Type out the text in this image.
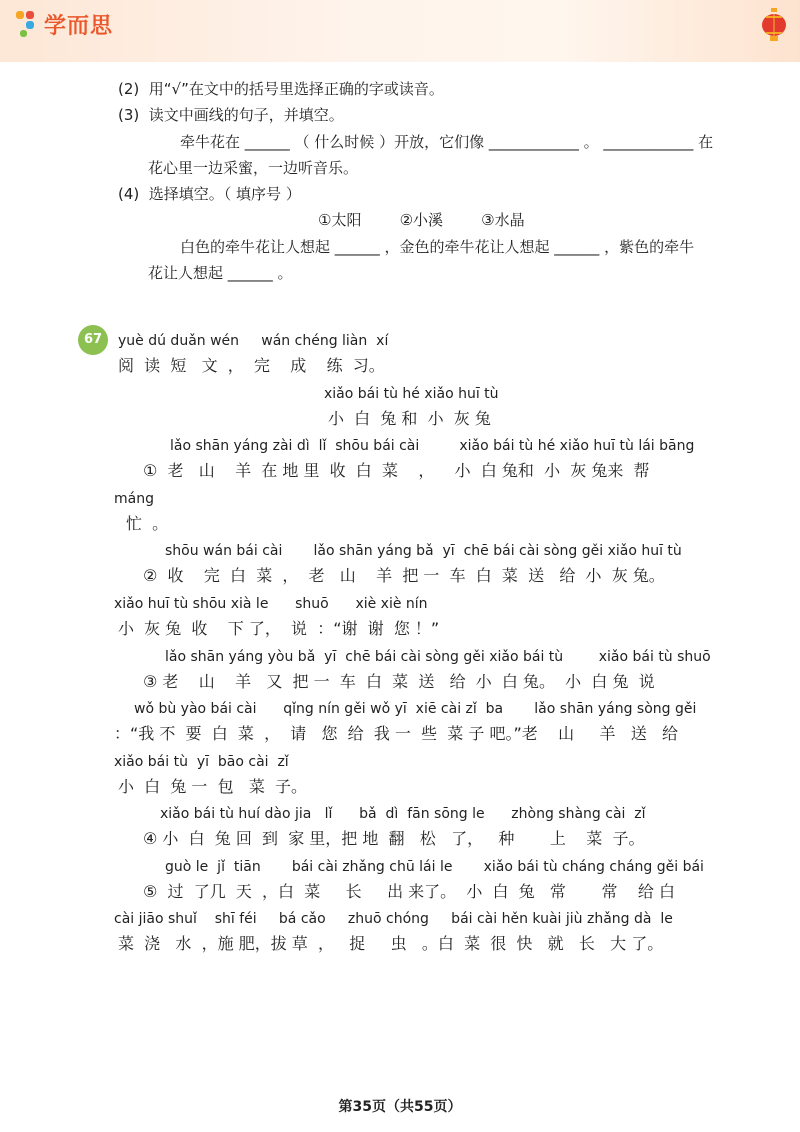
学而思
(2)  用“√”在文中的括号里选择正确的字或读音。
(3)  读文中画线的句子，并填空。
牵牛花在 ______ （ 什么时候 ）开放，它们像 ____________ 。 ____________ 在
花心里一边采蜜，一边听音乐。
(4)  选择填空。（ 填序号 ）
①太阳        ②小溪        ③水晶
白色的牵牛花让人想起 ______ ，金色的牵牛花让人想起 ______ ，紫色的牵牛
花让人想起 ______ 。
67	yuè dú duǎn wén     wán chéng liàn  xí
阅  读  短   文  ，  完    成    练  习。
xiǎo bái tù hé xiǎo huī tù
小  白  兔 和  小  灰 兔
lǎo shān yáng zài dì  lǐ  shōu bái cài         xiǎo bái tù hé xiǎo huī tù lái bāng
①  老   山    羊  在 地 里  收  白  菜    ，    小  白 兔和  小  灰 兔来  帮
máng
忙  。
shōu wán bái cài       lǎo shān yáng bǎ  yī  chē bái cài sòng gěi xiǎo huī tù
②  收    完  白  菜  ，  老   山    羊  把 一  车  白  菜  送   给  小  灰 兔。
xiǎo huī tù shōu xià le      shuō      xiè xiè nín
小  灰 兔  收    下 了，  说  ：“谢  谢  您 ！”
lǎo shān yáng yòu bǎ  yī  chē bái cài sòng gěi xiǎo bái tù        xiǎo bái tù shuō
③ 老    山    羊   又  把 一  车  白  菜  送   给  小  白 兔。  小  白 兔  说
wǒ bù yào bái cài      qǐng nín gěi wǒ yī  xiē cài zǐ  ba       lǎo shān yáng sòng gěi
：“我 不  要  白  菜  ，  请   您  给  我 一  些  菜 子 吧。”老    山     羊   送   给
xiǎo bái tù  yī  bāo cài  zǐ
小  白  兔 一  包   菜  子。
xiǎo bái tù huí dào jia   lǐ      bǎ  dì  fān sōng le      zhòng shàng cài  zǐ
④ 小  白  兔 回  到  家 里，把 地  翻   松   了，   种       上    菜  子。
guò le  jǐ  tiān       bái cài zhǎng chū lái le       xiǎo bái tù cháng cháng gěi bái
⑤  过  了几  天  ，白  菜     长     出 来了。  小  白  兔   常       常    给 白
cài jiāo shuǐ    shī féi     bá cǎo     zhuō chóng     bái cài hěn kuài jiù zhǎng dà  le
菜  浇   水  ，施 肥，拔 草  ，   捉     虫   。白  菜  很  快   就   长   大 了。
第35页（共55页）
